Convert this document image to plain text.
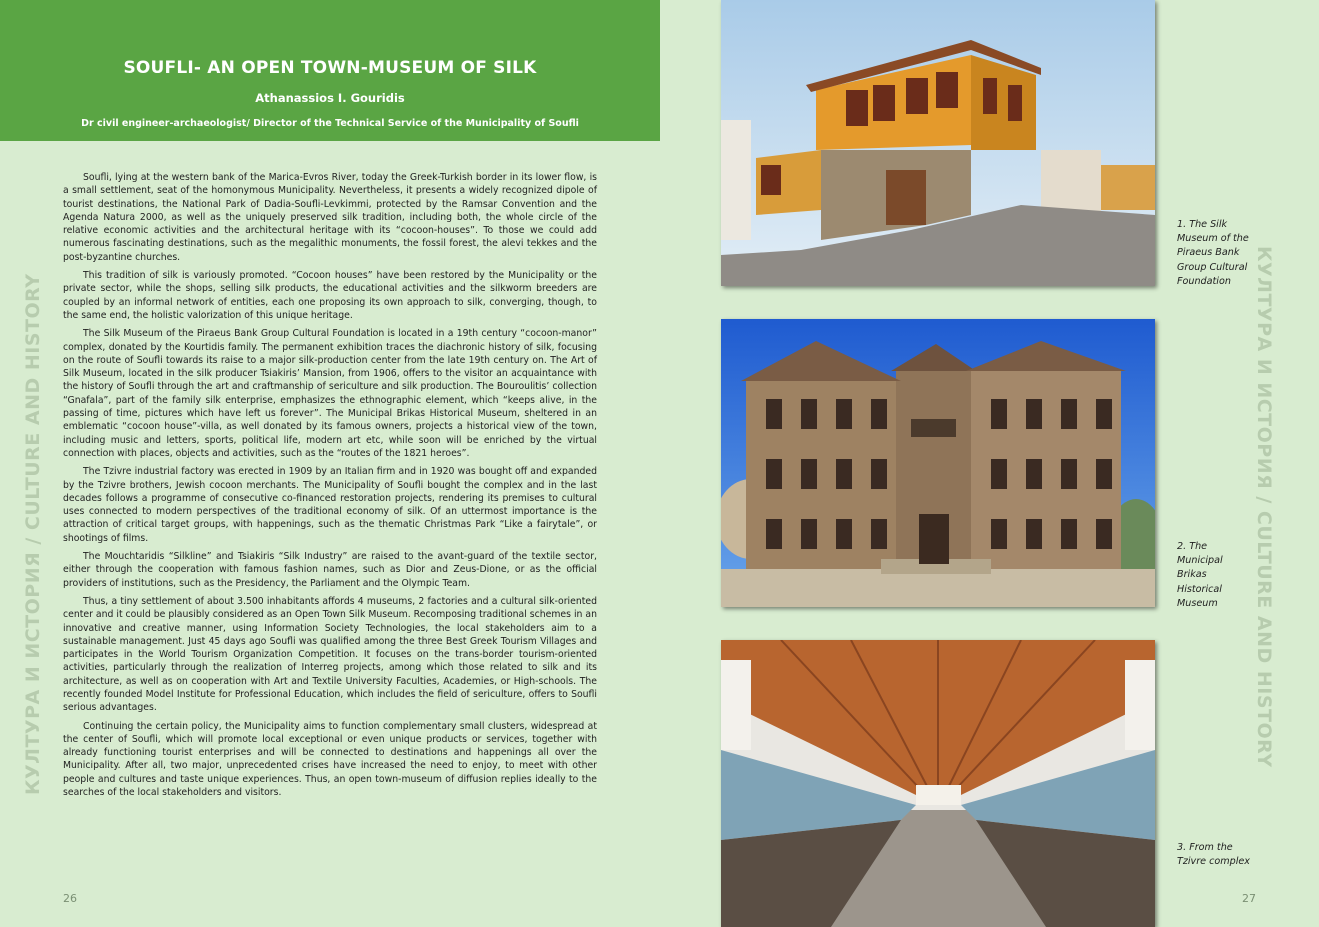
SOUFLI- AN OPEN TOWN-MUSEUM OF SILK
Athanassios I. Gouridis
Dr civil engineer-archaeologist/ Director of the Technical Service of the Municipality of Soufli

Soufli, lying at the western bank of the Marica-Evros River, today the Greek-Turkish border in its lower flow, is a small settlement, seat of the homonymous Municipality. Nevertheless, it presents a widely recognized dipole of tourist destinations, the National Park of Dadia-Soufli-Levkimmi, protected by the Ramsar Convention and the Agenda Natura 2000, as well as the uniquely preserved silk tradition, including both, the whole circle of the relative economic activities and the architectural heritage with its “cocoon-houses”. To those we could add numerous fascinating destinations, such as the megalithic monuments, the fossil forest, the alevi tekkes and the post-byzantine churches.

This tradition of silk is variously promoted. “Cocoon houses” have been restored by the Municipality or the private sector, while the shops, selling silk products, the educational activities and the silkworm breeders are coupled by an informal network of entities, each one proposing its own approach to silk, converging, though, to the same end, the holistic valorization of this unique heritage.

The Silk Museum of the Piraeus Bank Group Cultural Foundation is located in a 19th century “cocoon-manor” complex, donated by the Kourtidis family. The permanent exhibition traces the diachronic history of silk, focusing on the route of Soufli towards its raise to a major silk-production center from the late 19th century on. The Art of Silk Museum, located in the silk producer Tsiakiris’ Mansion, from 1906, offers to the visitor an acquaintance with the history of Soufli through the art and craftmanship of sericulture and silk production. The Bouroulitis’ collection “Gnafala”, part of the family silk enterprise, emphasizes the ethnographic element, which “keeps alive, in the passing of time, pictures which have left us forever”. The Municipal Brikas Historical Museum, sheltered in an emblematic “cocoon house”-villa, as well donated by its famous owners, projects a historical view of the town, including music and letters, sports, political life, modern art etc, while soon will be enriched by the virtual connection with places, objects and activities, such as the “routes of the 1821 heroes”.

The Tzivre industrial factory was erected in 1909 by an Italian firm and in 1920 was bought off and expanded by the Tzivre brothers, Jewish cocoon merchants. The Municipality of Soufli bought the complex and in the last decades follows a programme of consecutive co-financed restoration projects, rendering its premises to cultural uses connected to modern perspectives of the traditional economy of silk. Of an uttermost importance is the attraction of critical target groups, with happenings, such as the thematic Christmas Park “Like a fairytale”, or shootings of films.

The Mouchtaridis “Silkline” and Tsiakiris “Silk Industry” are raised to the avant-guard of the textile sector, either through the cooperation with famous fashion names, such as Dior and Zeus-Dione, or as the official providers of institutions, such as the Presidency, the Parliament and the Olympic Team.

Thus, a tiny settlement of about 3.500 inhabitants affords 4 museums, 2 factories and a cultural silk-oriented center and it could be plausibly considered as an Open Town Silk Museum. Recomposing traditional schemes in an innovative and creative manner, using Information Society Technologies, the local stakeholders aim to a sustainable management. Just 45 days ago Soufli was qualified among the three Best Greek Tourism Villages and participates in the World Tourism Organization Competition. It focuses on the trans-border tourism-oriented activities, particularly through the realization of Interreg projects, among which those related to silk and its architecture, as well as on cooperation with Art and Textile University Faculties, Academies, or High-schools. The recently founded Model Institute for Professional Education, which includes the field of sericulture, offers to Soufli serious advantages.

Continuing the certain policy, the Municipality aims to function complementary small clusters, widespread at the center of Soufli, which will promote local exceptional or even unique products or services, together with already functioning tourist enterprises and will be connected to destinations and happenings all over the Municipality. After all, two major, unprecedented crises have increased the need to enjoy, to meet with other people and cultures and taste unique experiences. Thus, an open town-museum of diffusion replies ideally to the searches of the local stakeholders and visitors.

КУЛТУРА И ИСТОРИЯ / CULTURE AND HISTORY	КУЛТУРА И ИСТОРИЯ / CULTURE AND HISTORY
26	27
1. The Silk
Museum of the
Piraeus Bank
Group Cultural
Foundation
2. The
Municipal
Brikas
Historical
Museum
3. From the
Tzivre complex
